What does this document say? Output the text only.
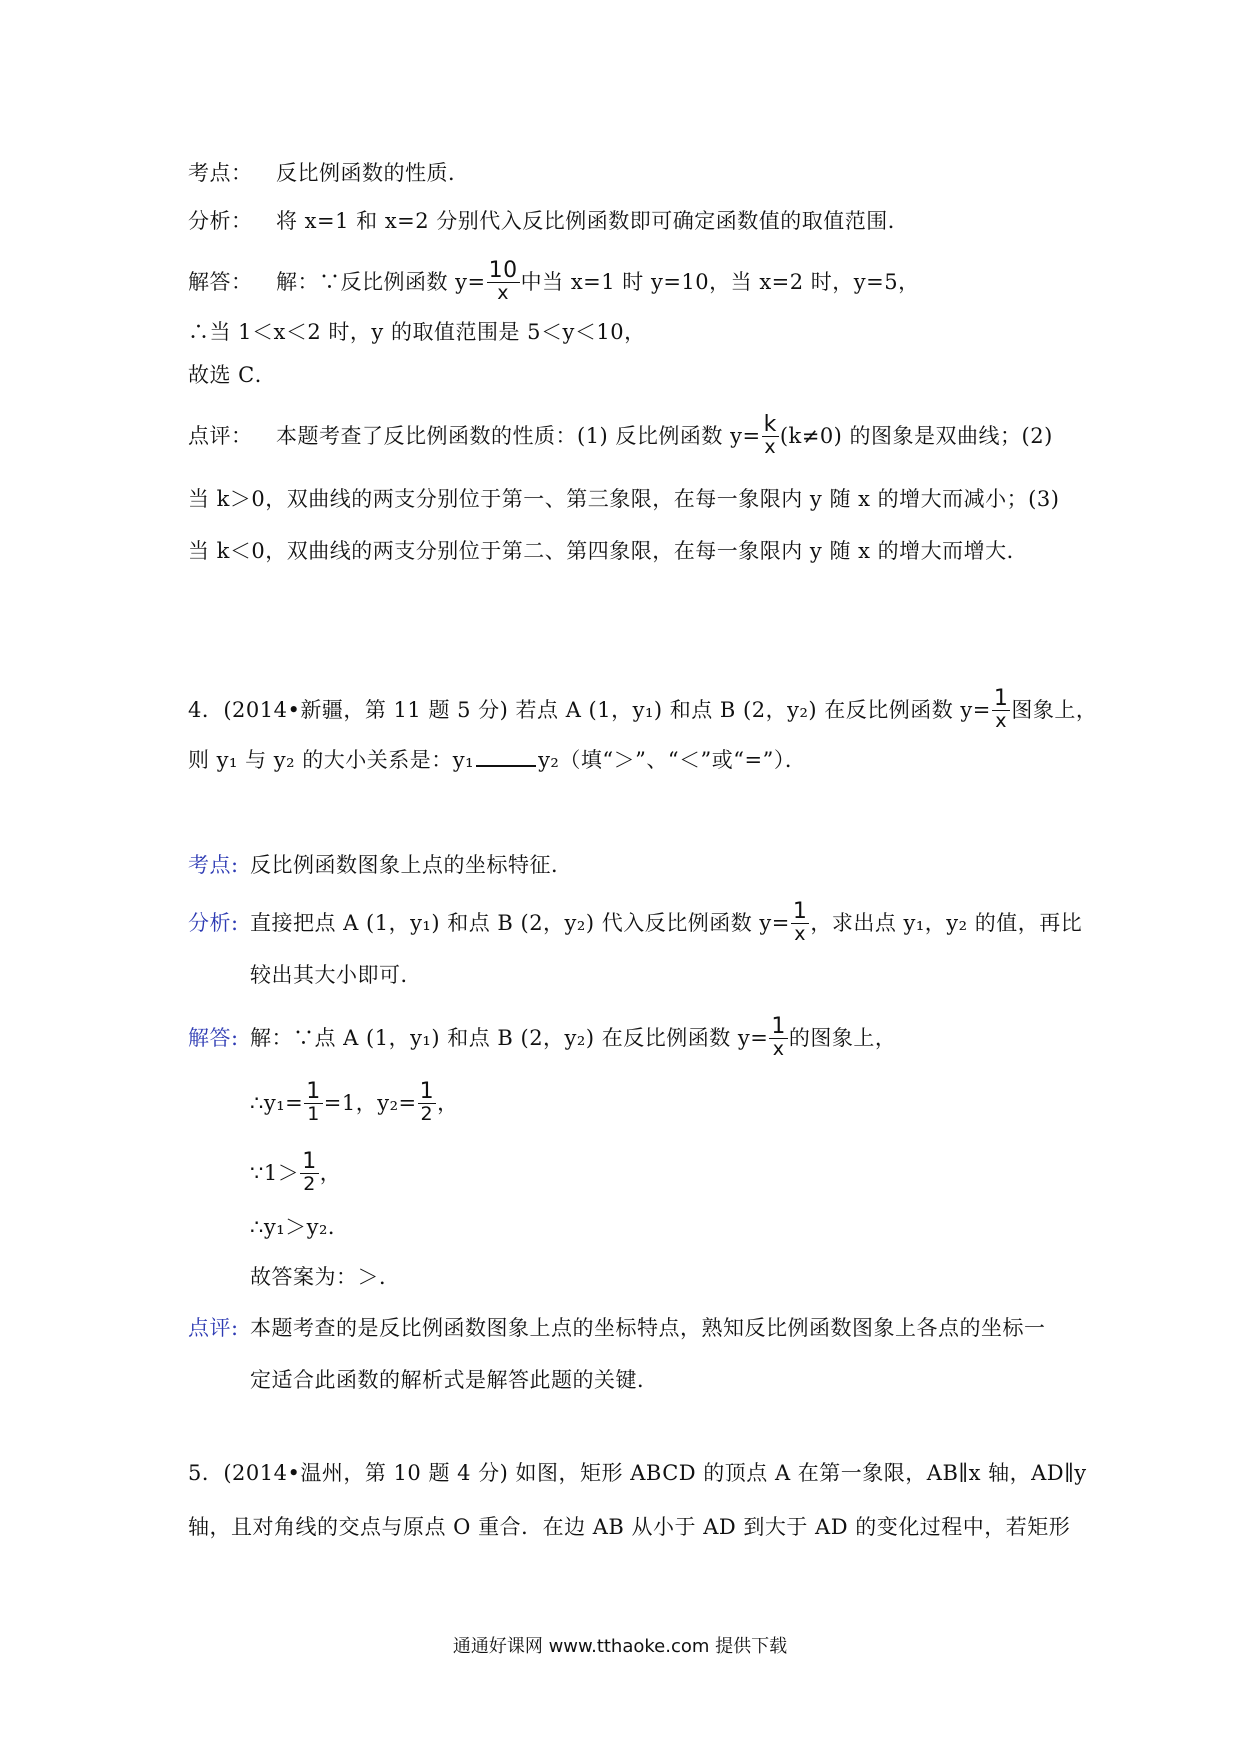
考点： 反比例函数的性质．
分析： 将 x=1 和 x=2 分别代入反比例函数即可确定函数值的取值范围．
解答： 解：∵反比例函数 $y= \frac{10}{x}$ 中当 x=1 时 y=10，当 x=2 时，y=5，
∴当 1＜x＜2 时，y 的取值范围是 5＜y＜10，
故选 C．
点评： 本题考查了反比例函数的性质：(1) 反比例函数 $y= \frac{k}{x} (k\ne 0)$ 的图象是双曲线；(2)
当 k＞0，双曲线的两支分别位于第一、第三象限，在每一象限内 y 随 x 的增大而减小；(3)
当 k＜0，双曲线的两支分别位于第二、第四象限，在每一象限内 y 随 x 的增大而增大．
4．(2014•新疆，第 11 题 5 分) 若点 A (1，y₁) 和点 B (2，y₂) 在反比例函数 $y= \frac{1}{x}$ 图象上，
则 y₁ 与 y₂ 的大小关系是：y₁	y₂（填“＞”、“＜”或“=”）．
考点: 反比例函数图象上点的坐标特征．
分析: 直接把点 A (1，y₁) 和点 B (2，y₂) 代入反比例函数 $y= \frac{1}{x}$ ，求出点 y₁，y₂ 的值，再比
较出其大小即可．
解答: 解：∵点 A (1，y₁) 和点 B (2，y₂) 在反比例函数 $y= \frac{1}{x}$ 的图象上，
∴y₁= $\frac{1}{1} =1$，$y_2= \frac{1}{2}$ ，
∵1＞ $\frac{1}{2}$ ，
∴y₁＞y₂．
故答案为：＞．
点评: 本题考查的是反比例函数图象上点的坐标特点，熟知反比例函数图象上各点的坐标一
定适合此函数的解析式是解答此题的关键．
5．(2014•温州，第 10 题 4 分) 如图，矩形 ABCD 的顶点 A 在第一象限，AB∥x 轴，AD∥y
轴，且对角线的交点与原点 O 重合．在边 AB 从小于 AD 到大于 AD 的变化过程中，若矩形
通通好课网 www.tthaoke.com 提供下载
